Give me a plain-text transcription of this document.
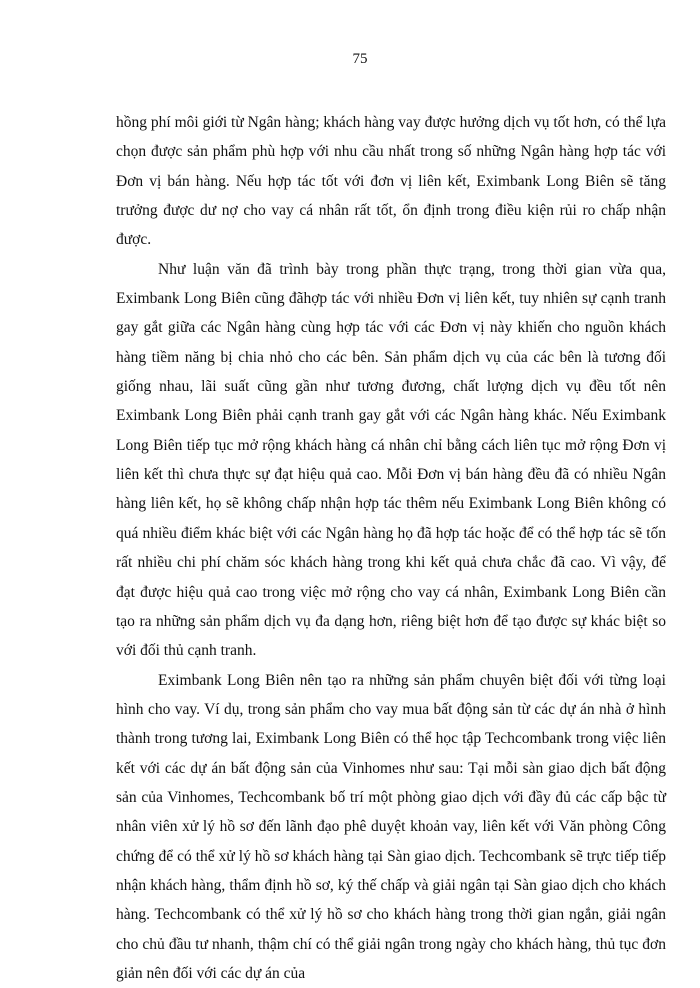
75

hồng phí môi giới từ Ngân hàng; khách hàng vay được hưởng dịch vụ tốt hơn, có thể lựa chọn được sản phẩm phù hợp với nhu cầu nhất trong số những Ngân hàng hợp tác với Đơn vị bán hàng. Nếu hợp tác tốt với đơn vị liên kết, Eximbank Long Biên sẽ tăng trưởng được dư nợ cho vay cá nhân rất tốt, ổn định trong điều kiện rủi ro chấp nhận được.

Như luận văn đã trình bày trong phần thực trạng, trong thời gian vừa qua, Eximbank Long Biên cũng đãhợp tác với nhiều Đơn vị liên kết, tuy nhiên sự cạnh tranh gay gắt giữa các Ngân hàng cùng hợp tác với các Đơn vị này khiến cho nguồn khách hàng tiềm năng bị chia nhỏ cho các bên. Sản phẩm dịch vụ của các bên là tương đối giống nhau, lãi suất cũng gần như tương đương, chất lượng dịch vụ đều tốt nên Eximbank Long Biên phải cạnh tranh gay gắt với các Ngân hàng khác. Nếu Eximbank Long Biên tiếp tục mở rộng khách hàng cá nhân chỉ bằng cách liên tục mở rộng Đơn vị liên kết thì chưa thực sự đạt hiệu quả cao. Mỗi Đơn vị bán hàng đều đã có nhiều Ngân hàng liên kết, họ sẽ không chấp nhận hợp tác thêm nếu Eximbank Long Biên không có quá nhiều điểm khác biệt với các Ngân hàng họ đã hợp tác hoặc để có thể hợp tác sẽ tốn rất nhiều chi phí chăm sóc khách hàng trong khi kết quả chưa chắc đã cao. Vì vậy, để đạt được hiệu quả cao trong việc mở rộng cho vay cá nhân, Eximbank Long Biên cần tạo ra những sản phẩm dịch vụ đa dạng hơn, riêng biệt hơn để tạo được sự khác biệt so với đối thủ cạnh tranh.

Eximbank Long Biên nên tạo ra những sản phẩm chuyên biệt đối với từng loại hình cho vay. Ví dụ, trong sản phẩm cho vay mua bất động sản từ các dự án nhà ở hình thành trong tương lai, Eximbank Long Biên có thể học tập Techcombank trong việc liên kết với các dự án bất động sản của Vinhomes như sau: Tại mỗi sàn giao dịch bất động sản của Vinhomes, Techcombank bố trí một phòng giao dịch với đầy đủ các cấp bậc từ nhân viên xử lý hồ sơ đến lãnh đạo phê duyệt khoản vay, liên kết với Văn phòng Công chứng để có thể xử lý hồ sơ khách hàng tại Sàn giao dịch. Techcombank sẽ trực tiếp tiếp nhận khách hàng, thẩm định hồ sơ, ký thế chấp và giải ngân tại Sàn giao dịch cho khách hàng. Techcombank có thể xử lý hồ sơ cho khách hàng trong thời gian ngắn, giải ngân cho chủ đầu tư nhanh, thậm chí có thể giải ngân trong ngày cho khách hàng, thủ tục đơn giản nên đối với các dự án của
